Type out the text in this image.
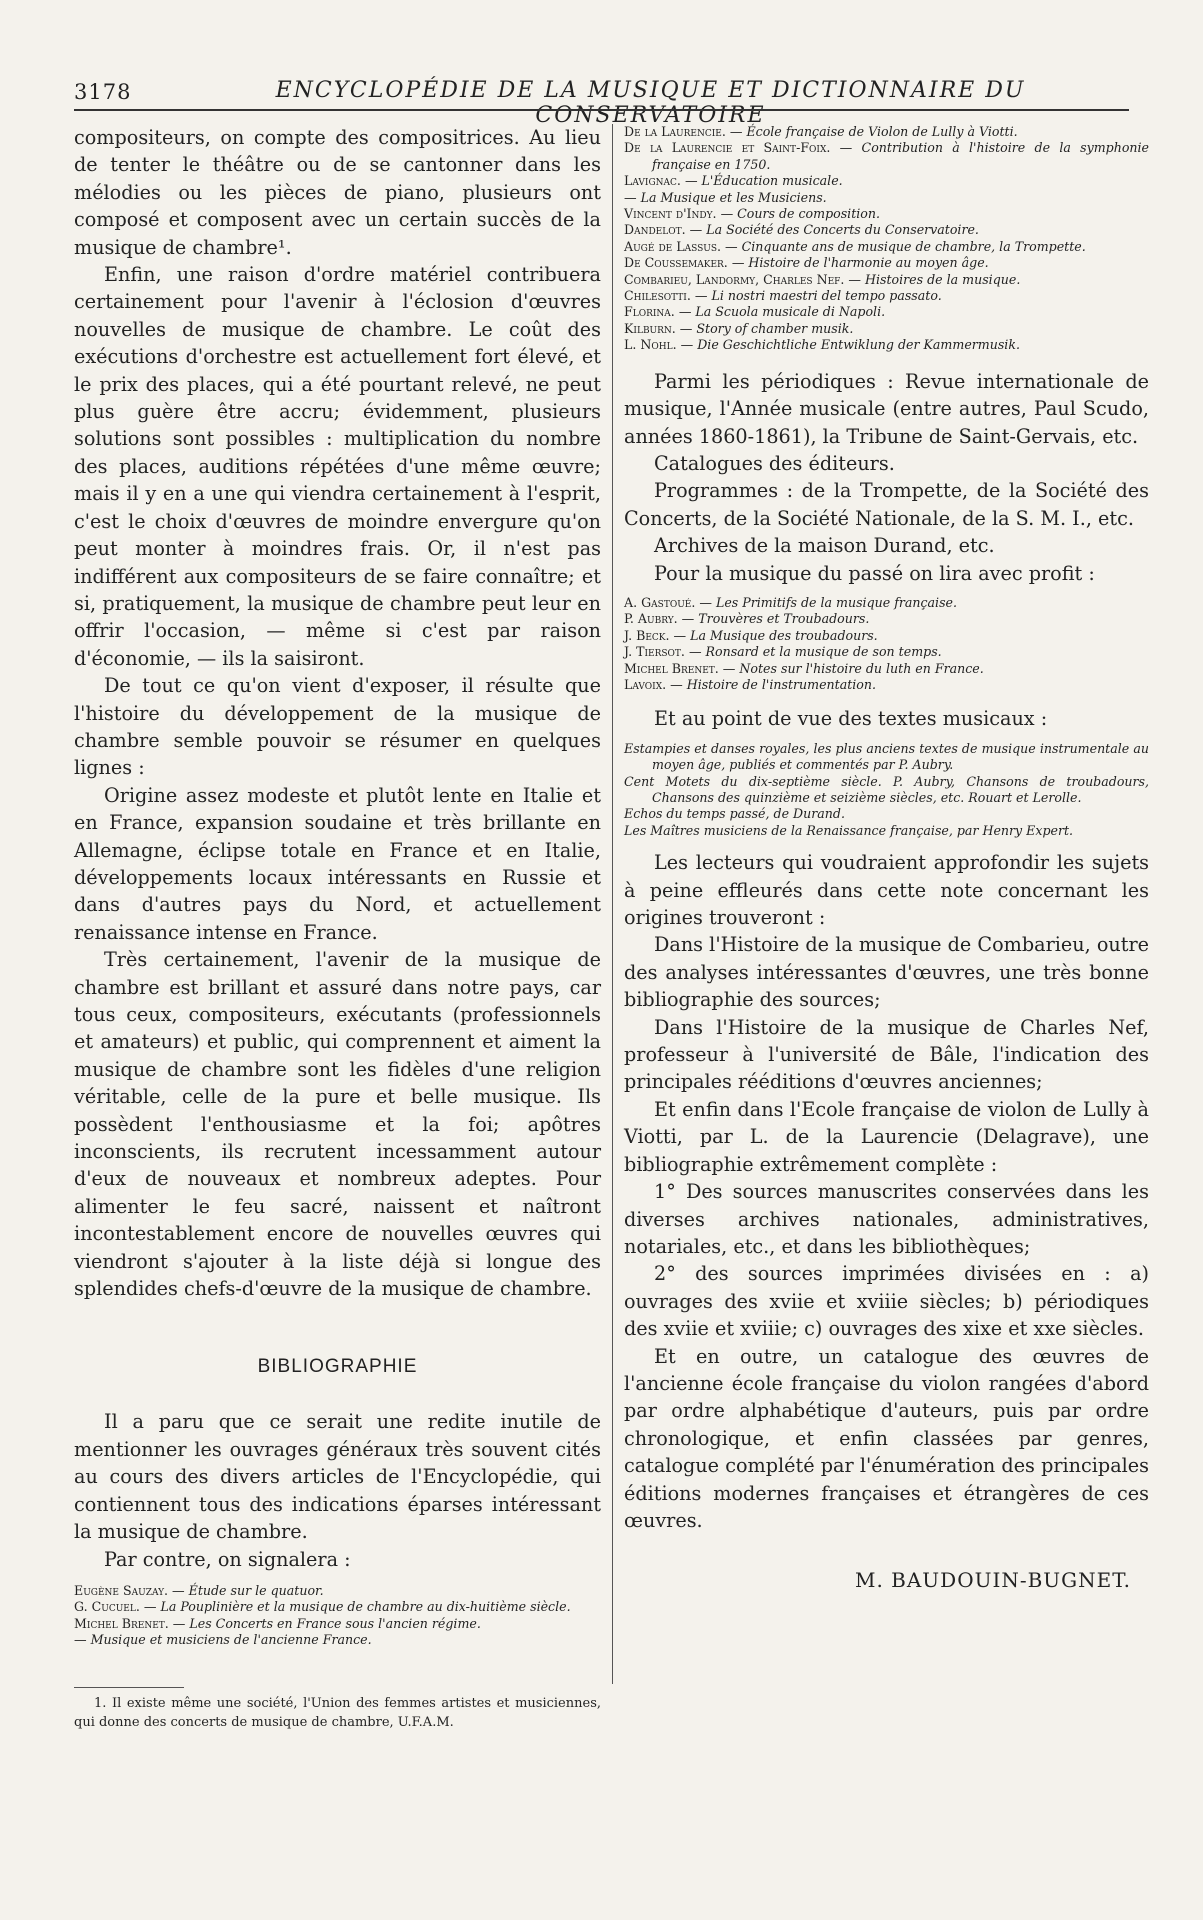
3178	ENCYCLOPÉDIE DE LA MUSIQUE ET DICTIONNAIRE DU CONSERVATOIRE

compositeurs, on compte des compositrices. Au lieu de tenter le théâtre ou de se cantonner dans les mélodies ou les pièces de piano, plusieurs ont composé et composent avec un certain succès de la musique de chambre¹.

Enfin, une raison d'ordre matériel contribuera certainement pour l'avenir à l'éclosion d'œuvres nouvelles de musique de chambre. Le coût des exécutions d'orchestre est actuellement fort élevé, et le prix des places, qui a été pourtant relevé, ne peut plus guère être accru; évidemment, plusieurs solutions sont possibles : multiplication du nombre des places, auditions répétées d'une même œuvre; mais il y en a une qui viendra certainement à l'esprit, c'est le choix d'œuvres de moindre envergure qu'on peut monter à moindres frais. Or, il n'est pas indifférent aux compositeurs de se faire connaître; et si, pratiquement, la musique de chambre peut leur en offrir l'occasion, — même si c'est par raison d'économie, — ils la saisiront.

De tout ce qu'on vient d'exposer, il résulte que l'histoire du développement de la musique de chambre semble pouvoir se résumer en quelques lignes :

Origine assez modeste et plutôt lente en Italie et en France, expansion soudaine et très brillante en Allemagne, éclipse totale en France et en Italie, développements locaux intéressants en Russie et dans d'autres pays du Nord, et actuellement renaissance intense en France.

Très certainement, l'avenir de la musique de chambre est brillant et assuré dans notre pays, car tous ceux, compositeurs, exécutants (professionnels et amateurs) et public, qui comprennent et aiment la musique de chambre sont les fidèles d'une religion véritable, celle de la pure et belle musique. Ils possèdent l'enthousiasme et la foi; apôtres inconscients, ils recrutent incessamment autour d'eux de nouveaux et nombreux adeptes. Pour alimenter le feu sacré, naissent et naîtront incontestablement encore de nouvelles œuvres qui viendront s'ajouter à la liste déjà si longue des splendides chefs-d'œuvre de la musique de chambre.

BIBLIOGRAPHIE

Il a paru que ce serait une redite inutile de mentionner les ouvrages généraux très souvent cités au cours des divers articles de l'Encyclopédie, qui contiennent tous des indications éparses intéressant la musique de chambre.

Par contre, on signalera :

Eugène Sauzay. — Étude sur le quatuor.
G. Cucuel. — La Pouplinière et la musique de chambre au dix-huitième siècle.
Michel Brenet. — Les Concerts en France sous l'ancien régime.
— Musique et musiciens de l'ancienne France.

1. Il existe même une société, l'Union des femmes artistes et musiciennes, qui donne des concerts de musique de chambre, U.F.A.M.

De la Laurencie. — École française de Violon de Lully à Viotti.
De la Laurencie et Saint-Foix. — Contribution à l'histoire de la symphonie française en 1750.
Lavignac. — L'Éducation musicale.
— La Musique et les Musiciens.
Vincent d'Indy. — Cours de composition.
Dandelot. — La Société des Concerts du Conservatoire.
Augé de Lassus. — Cinquante ans de musique de chambre, la Trompette.
De Coussemaker. — Histoire de l'harmonie au moyen âge.
Combarieu, Landormy, Charles Nef. — Histoires de la musique.
Chilesotti. — Li nostri maestri del tempo passato.
Florina. — La Scuola musicale di Napoli.
Kilburn. — Story of chamber musik.
L. Nohl. — Die Geschichtliche Entwiklung der Kammermusik.

Parmi les périodiques : Revue internationale de musique, l'Année musicale (entre autres, Paul Scudo, années 1860-1861), la Tribune de Saint-Gervais, etc.

Catalogues des éditeurs.

Programmes : de la Trompette, de la Société des Concerts, de la Société Nationale, de la S. M. I., etc.

Archives de la maison Durand, etc.

Pour la musique du passé on lira avec profit :

A. Gastoué. — Les Primitifs de la musique française.
P. Aubry. — Trouvères et Troubadours.
J. Beck. — La Musique des troubadours.
J. Tiersot. — Ronsard et la musique de son temps.
Michel Brenet. — Notes sur l'histoire du luth en France.
Lavoix. — Histoire de l'instrumentation.

Et au point de vue des textes musicaux :

Estampies et danses royales, les plus anciens textes de musique instrumentale au moyen âge, publiés et commentés par P. Aubry.
Cent Motets du dix-septième siècle. P. Aubry, Chansons de troubadours, Chansons des quinzième et seizième siècles, etc. Rouart et Lerolle.
Echos du temps passé, de Durand.
Les Maîtres musiciens de la Renaissance française, par Henry Expert.

Les lecteurs qui voudraient approfondir les sujets à peine effleurés dans cette note concernant les origines trouveront :

Dans l'Histoire de la musique de Combarieu, outre des analyses intéressantes d'œuvres, une très bonne bibliographie des sources;

Dans l'Histoire de la musique de Charles Nef, professeur à l'université de Bâle, l'indication des principales rééditions d'œuvres anciennes;

Et enfin dans l'Ecole française de violon de Lully à Viotti, par L. de la Laurencie (Delagrave), une bibliographie extrêmement complète :

1° Des sources manuscrites conservées dans les diverses archives nationales, administratives, notariales, etc., et dans les bibliothèques;

2° des sources imprimées divisées en : a) ouvrages des xviie et xviiie siècles; b) périodiques des xviie et xviiie; c) ouvrages des xixe et xxe siècles.

Et en outre, un catalogue des œuvres de l'ancienne école française du violon rangées d'abord par ordre alphabétique d'auteurs, puis par ordre chronologique, et enfin classées par genres, catalogue complété par l'énumération des principales éditions modernes françaises et étrangères de ces œuvres.

M. BAUDOUIN-BUGNET.
